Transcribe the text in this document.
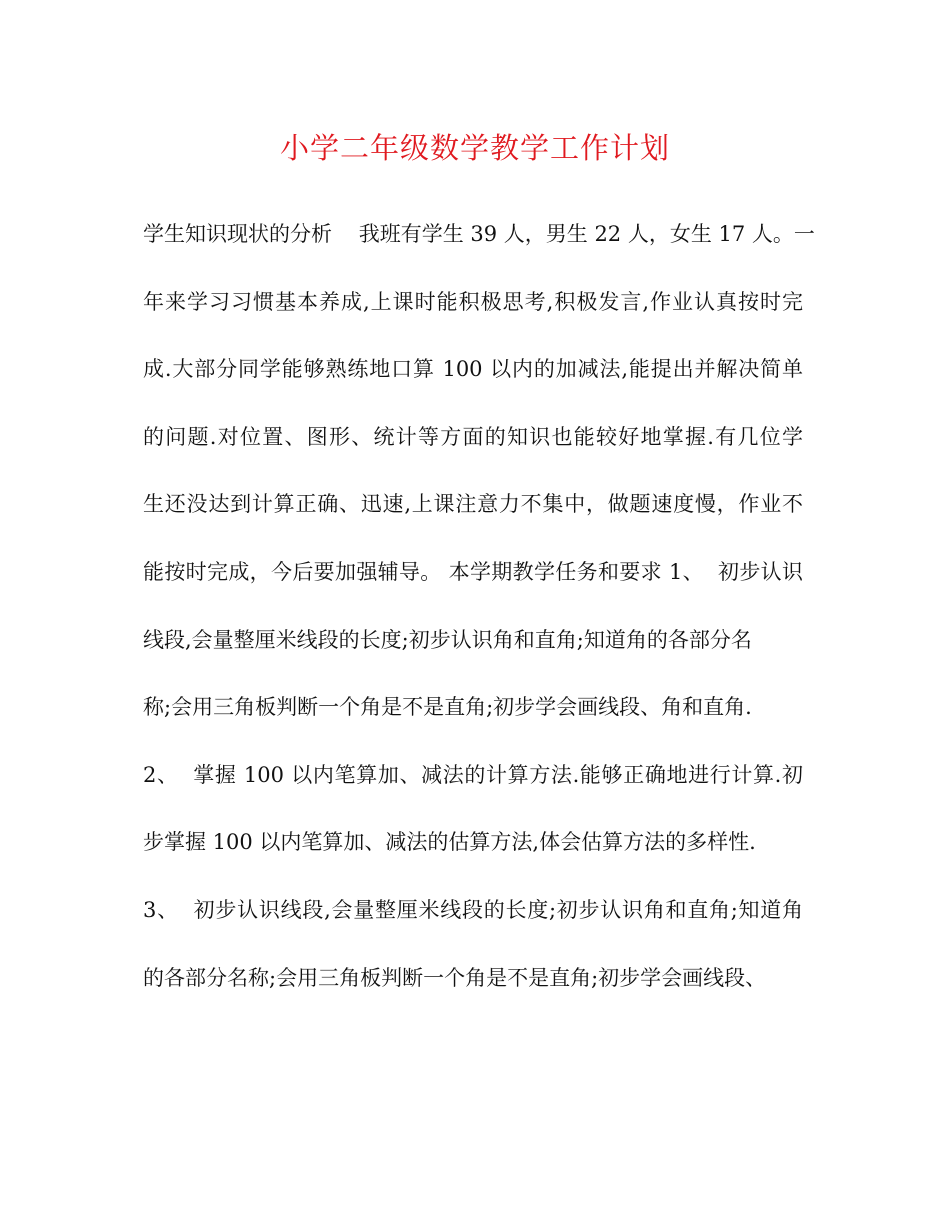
小学二年级数学教学工作计划
学生知识现状的分析    我班有学生 39 人，男生 22 人，女生 17 人。一
年来学习习惯基本养成,上课时能积极思考,积极发言,作业认真按时完
成.大部分同学能够熟练地口算 100 以内的加减法,能提出并解决简单
的问题.对位置、图形、统计等方面的知识也能较好地掌握.有几位学
生还没达到计算正确、迅速,上课注意力不集中，做题速度慢，作业不
能按时完成，今后要加强辅导。 本学期教学任务和要求 1、  初步认识
线段,会量整厘米线段的长度;初步认识角和直角;知道角的各部分名
称;会用三角板判断一个角是不是直角;初步学会画线段、角和直角.
2、  掌握 100 以内笔算加、减法的计算方法.能够正确地进行计算.初
步掌握 100 以内笔算加、减法的估算方法,体会估算方法的多样性.
3、  初步认识线段,会量整厘米线段的长度;初步认识角和直角;知道角
的各部分名称;会用三角板判断一个角是不是直角;初步学会画线段、
